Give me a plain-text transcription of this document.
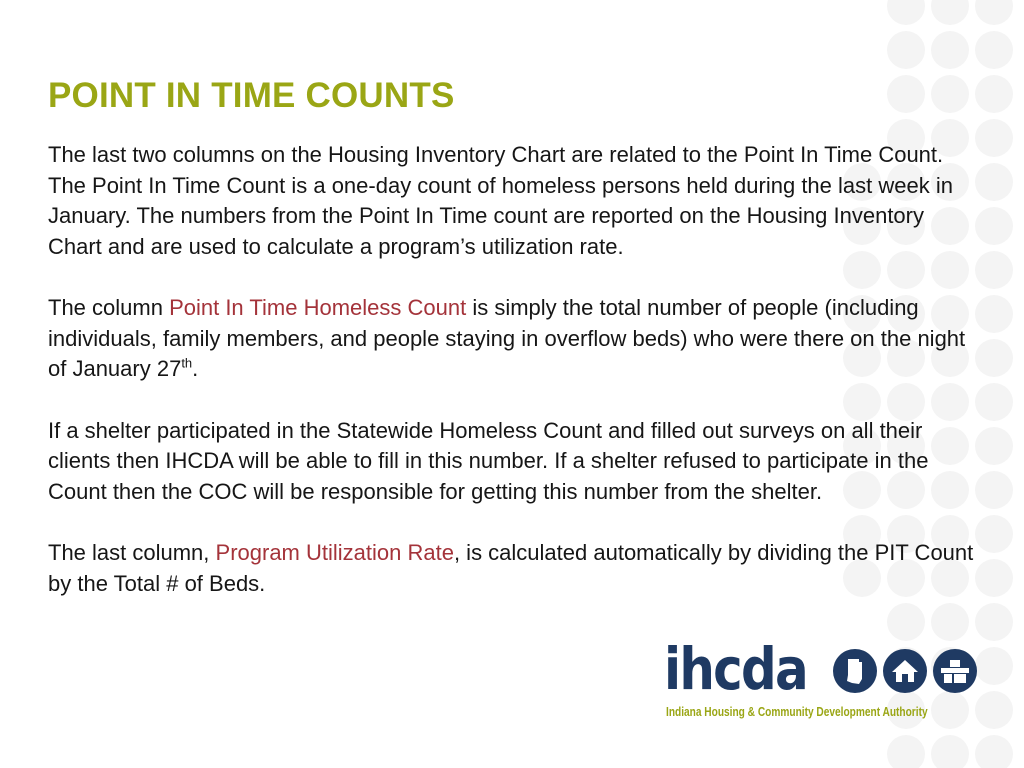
POINT IN TIME COUNTS

The last two columns on the Housing Inventory Chart are related to the Point In Time Count. The Point In Time Count is a one-day count of homeless persons held during the last week in January. The numbers from the Point In Time count are reported on the Housing Inventory Chart and are used to calculate a program’s utilization rate.

The column Point In Time Homeless Count is simply the total number of people (including individuals, family members, and people staying in overflow beds) who were there on the night of January 27th.

If a shelter participated in the Statewide Homeless Count and filled out surveys on all their clients then IHCDA will be able to fill in this number. If a shelter refused to participate in the Count then the COC will be responsible for getting this number from the shelter.

The last column, Program Utilization Rate, is calculated automatically by dividing the PIT Count by the Total # of Beds.

ihcda
Indiana Housing & Community Development Authority
